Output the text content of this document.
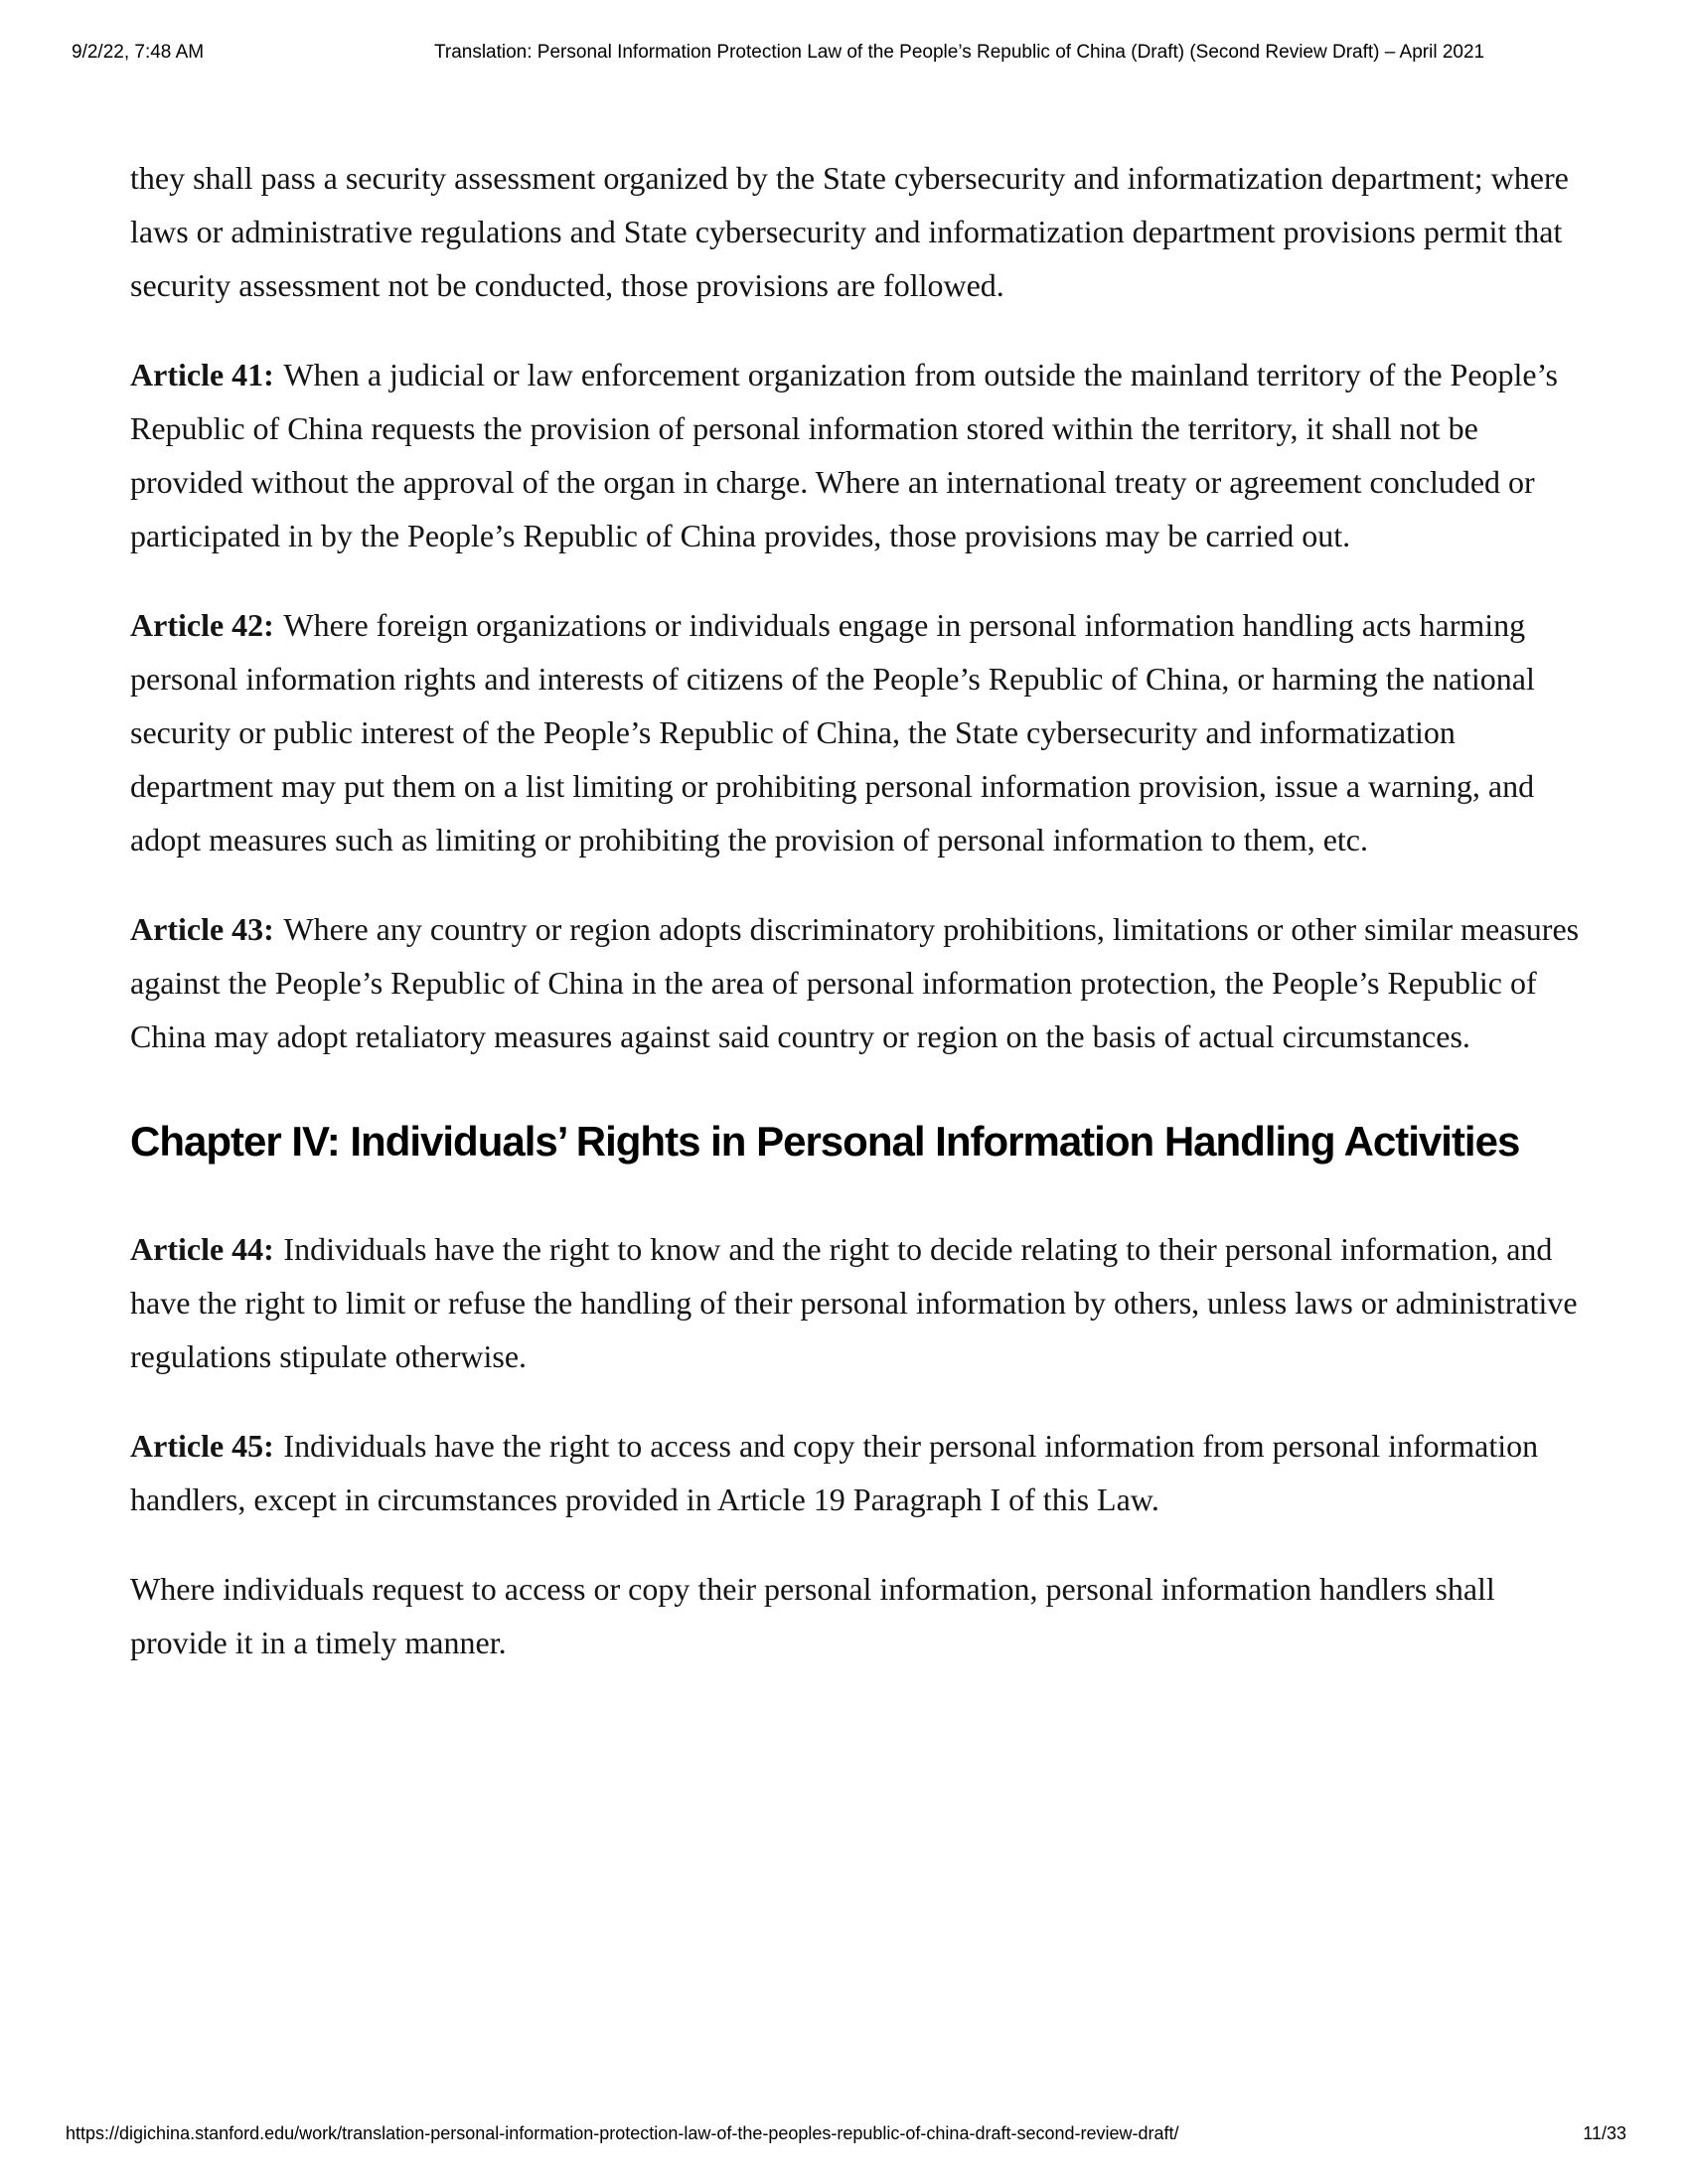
9/2/22, 7:48 AM	Translation: Personal Information Protection Law of the People’s Republic of China (Draft) (Second Review Draft) – April 2021

they shall pass a security assessment organized by the State cybersecurity and informatization department; where laws or administrative regulations and State cybersecurity and informatization department provisions permit that security assessment not be conducted, those provisions are followed.

Article 41: When a judicial or law enforcement organization from outside the mainland territory of the People’s Republic of China requests the provision of personal information stored within the territory, it shall not be provided without the approval of the organ in charge. Where an international treaty or agreement concluded or participated in by the People’s Republic of China provides, those provisions may be carried out.

Article 42: Where foreign organizations or individuals engage in personal information handling acts harming personal information rights and interests of citizens of the People’s Republic of China, or harming the national security or public interest of the People’s Republic of China, the State cybersecurity and informatization department may put them on a list limiting or prohibiting personal information provision, issue a warning, and adopt measures such as limiting or prohibiting the provision of personal information to them, etc.

Article 43: Where any country or region adopts discriminatory prohibitions, limitations or other similar measures against the People’s Republic of China in the area of personal information protection, the People’s Republic of China may adopt retaliatory measures against said country or region on the basis of actual circumstances.

Chapter IV: Individuals’ Rights in Personal Information Handling Activities

Article 44: Individuals have the right to know and the right to decide relating to their personal information, and have the right to limit or refuse the handling of their personal information by others, unless laws or administrative regulations stipulate otherwise.

Article 45: Individuals have the right to access and copy their personal information from personal information handlers, except in circumstances provided in Article 19 Paragraph I of this Law.

Where individuals request to access or copy their personal information, personal information handlers shall provide it in a timely manner.

https://digichina.stanford.edu/work/translation-personal-information-protection-law-of-the-peoples-republic-of-china-draft-second-review-draft/	11/33
